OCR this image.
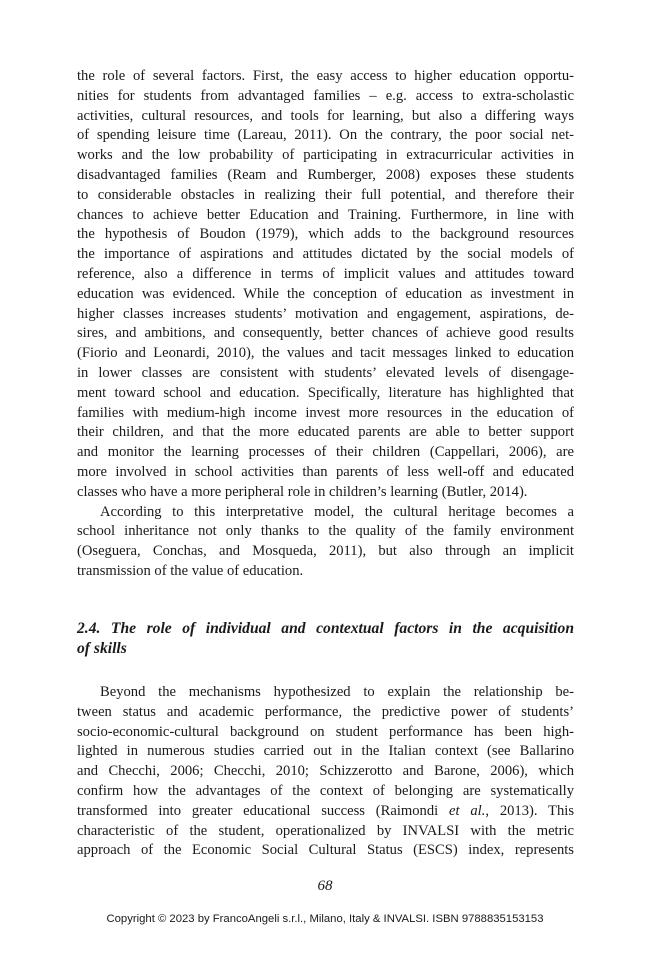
the role of several factors. First, the easy access to higher education opportu-
nities for students from advantaged families – e.g. access to extra-scholastic
activities, cultural resources, and tools for learning, but also a differing ways
of spending leisure time (Lareau, 2011). On the contrary, the poor social net-
works and the low probability of participating in extracurricular activities in
disadvantaged families (Ream and Rumberger, 2008) exposes these students
to considerable obstacles in realizing their full potential, and therefore their
chances to achieve better Education and Training. Furthermore, in line with
the hypothesis of Boudon (1979), which adds to the background resources
the importance of aspirations and attitudes dictated by the social models of
reference, also a difference in terms of implicit values and attitudes toward
education was evidenced. While the conception of education as investment in
higher classes increases students’ motivation and engagement, aspirations, de-
sires, and ambitions, and consequently, better chances of achieve good results
(Fiorio and Leonardi, 2010), the values and tacit messages linked to education
in lower classes are consistent with students’ elevated levels of disengage-
ment toward school and education. Specifically, literature has highlighted that
families with medium-high income invest more resources in the education of
their children, and that the more educated parents are able to better support
and monitor the learning processes of their children (Cappellari, 2006), are
more involved in school activities than parents of less well-off and educated
classes who have a more peripheral role in children’s learning (Butler, 2014).
According to this interpretative model, the cultural heritage becomes a
school inheritance not only thanks to the quality of the family environment
(Oseguera, Conchas, and Mosqueda, 2011), but also through an implicit
transmission of the value of education.
2.4. The role of individual and contextual factors in the acquisition
of skills
Beyond the mechanisms hypothesized to explain the relationship be-
tween status and academic performance, the predictive power of students’
socio-economic-cultural background on student performance has been high-
lighted in numerous studies carried out in the Italian context (see Ballarino
and Checchi, 2006; Checchi, 2010; Schizzerotto and Barone, 2006), which
confirm how the advantages of the context of belonging are systematically
transformed into greater educational success (Raimondi et al., 2013). This
characteristic of the student, operationalized by INVALSI with the metric
approach of the Economic Social Cultural Status (ESCS) index, represents
68
Copyright © 2023 by FrancoAngeli s.r.l., Milano, Italy & INVALSI. ISBN 9788835153153
